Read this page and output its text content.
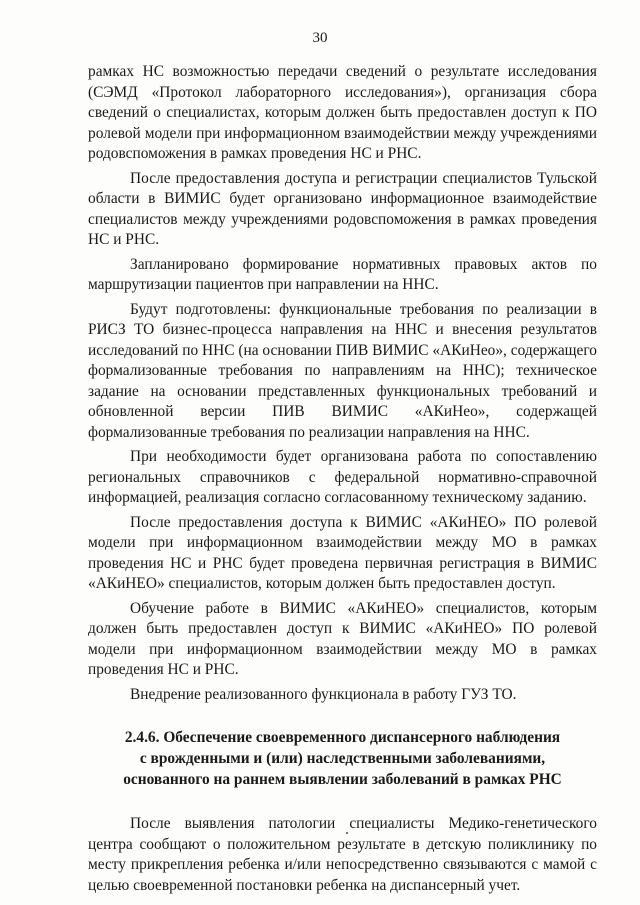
30

рамках НС возможностью передачи сведений о результате исследования (СЭМД «Протокол лабораторного исследования»), организация сбора сведений о специалистах, которым должен быть предоставлен доступ к ПО ролевой модели при информационном взаимодействии между учреждениями родовспоможения в рамках проведения НС и РНС.

После предоставления доступа и регистрации специалистов Тульской области в ВИМИС будет организовано информационное взаимодействие специалистов между учреждениями родовспоможения в рамках проведения НС и РНС.

Запланировано формирование нормативных правовых актов по маршрутизации пациентов при направлении на ННС.

Будут подготовлены: функциональные требования по реализации в РИСЗ ТО бизнес-процесса направления на ННС и внесения результатов исследований по ННС (на основании ПИВ ВИМИС «АКиНео», содержащего формализованные требования по направлениям на ННС); техническое задание на основании представленных функциональных требований и обновленной версии ПИВ ВИМИС «АКиНео», содержащей формализованные требования по реализации направления на ННС.

При необходимости будет организована работа по сопоставлению региональных справочников с федеральной нормативно-справочной информацией, реализация согласно согласованному техническому заданию.

После предоставления доступа к ВИМИС «АКиНЕО» ПО ролевой модели при информационном взаимодействии между МО в рамках проведения НС и РНС будет проведена первичная регистрация в ВИМИС «АКиНЕО» специалистов, которым должен быть предоставлен доступ.

Обучение работе в ВИМИС «АКиНЕО» специалистов, которым должен быть предоставлен доступ к ВИМИС «АКиНЕО» ПО ролевой модели при информационном взаимодействии между МО в рамках проведения НС и РНС.

Внедрение реализованного функционала в работу ГУЗ ТО.

2.4.6. Обеспечение своевременного диспансерного наблюдения
с врожденными и (или) наследственными заболеваниями,
основанного на раннем выявлении заболеваний в рамках РНС

После выявления патологии специалисты Медико-генетического центра сообщают о положительном результате в детскую поликлинику по месту прикрепления ребенка и/или непосредственно связываются с мамой с целью своевременной постановки ребенка на диспансерный учет.
